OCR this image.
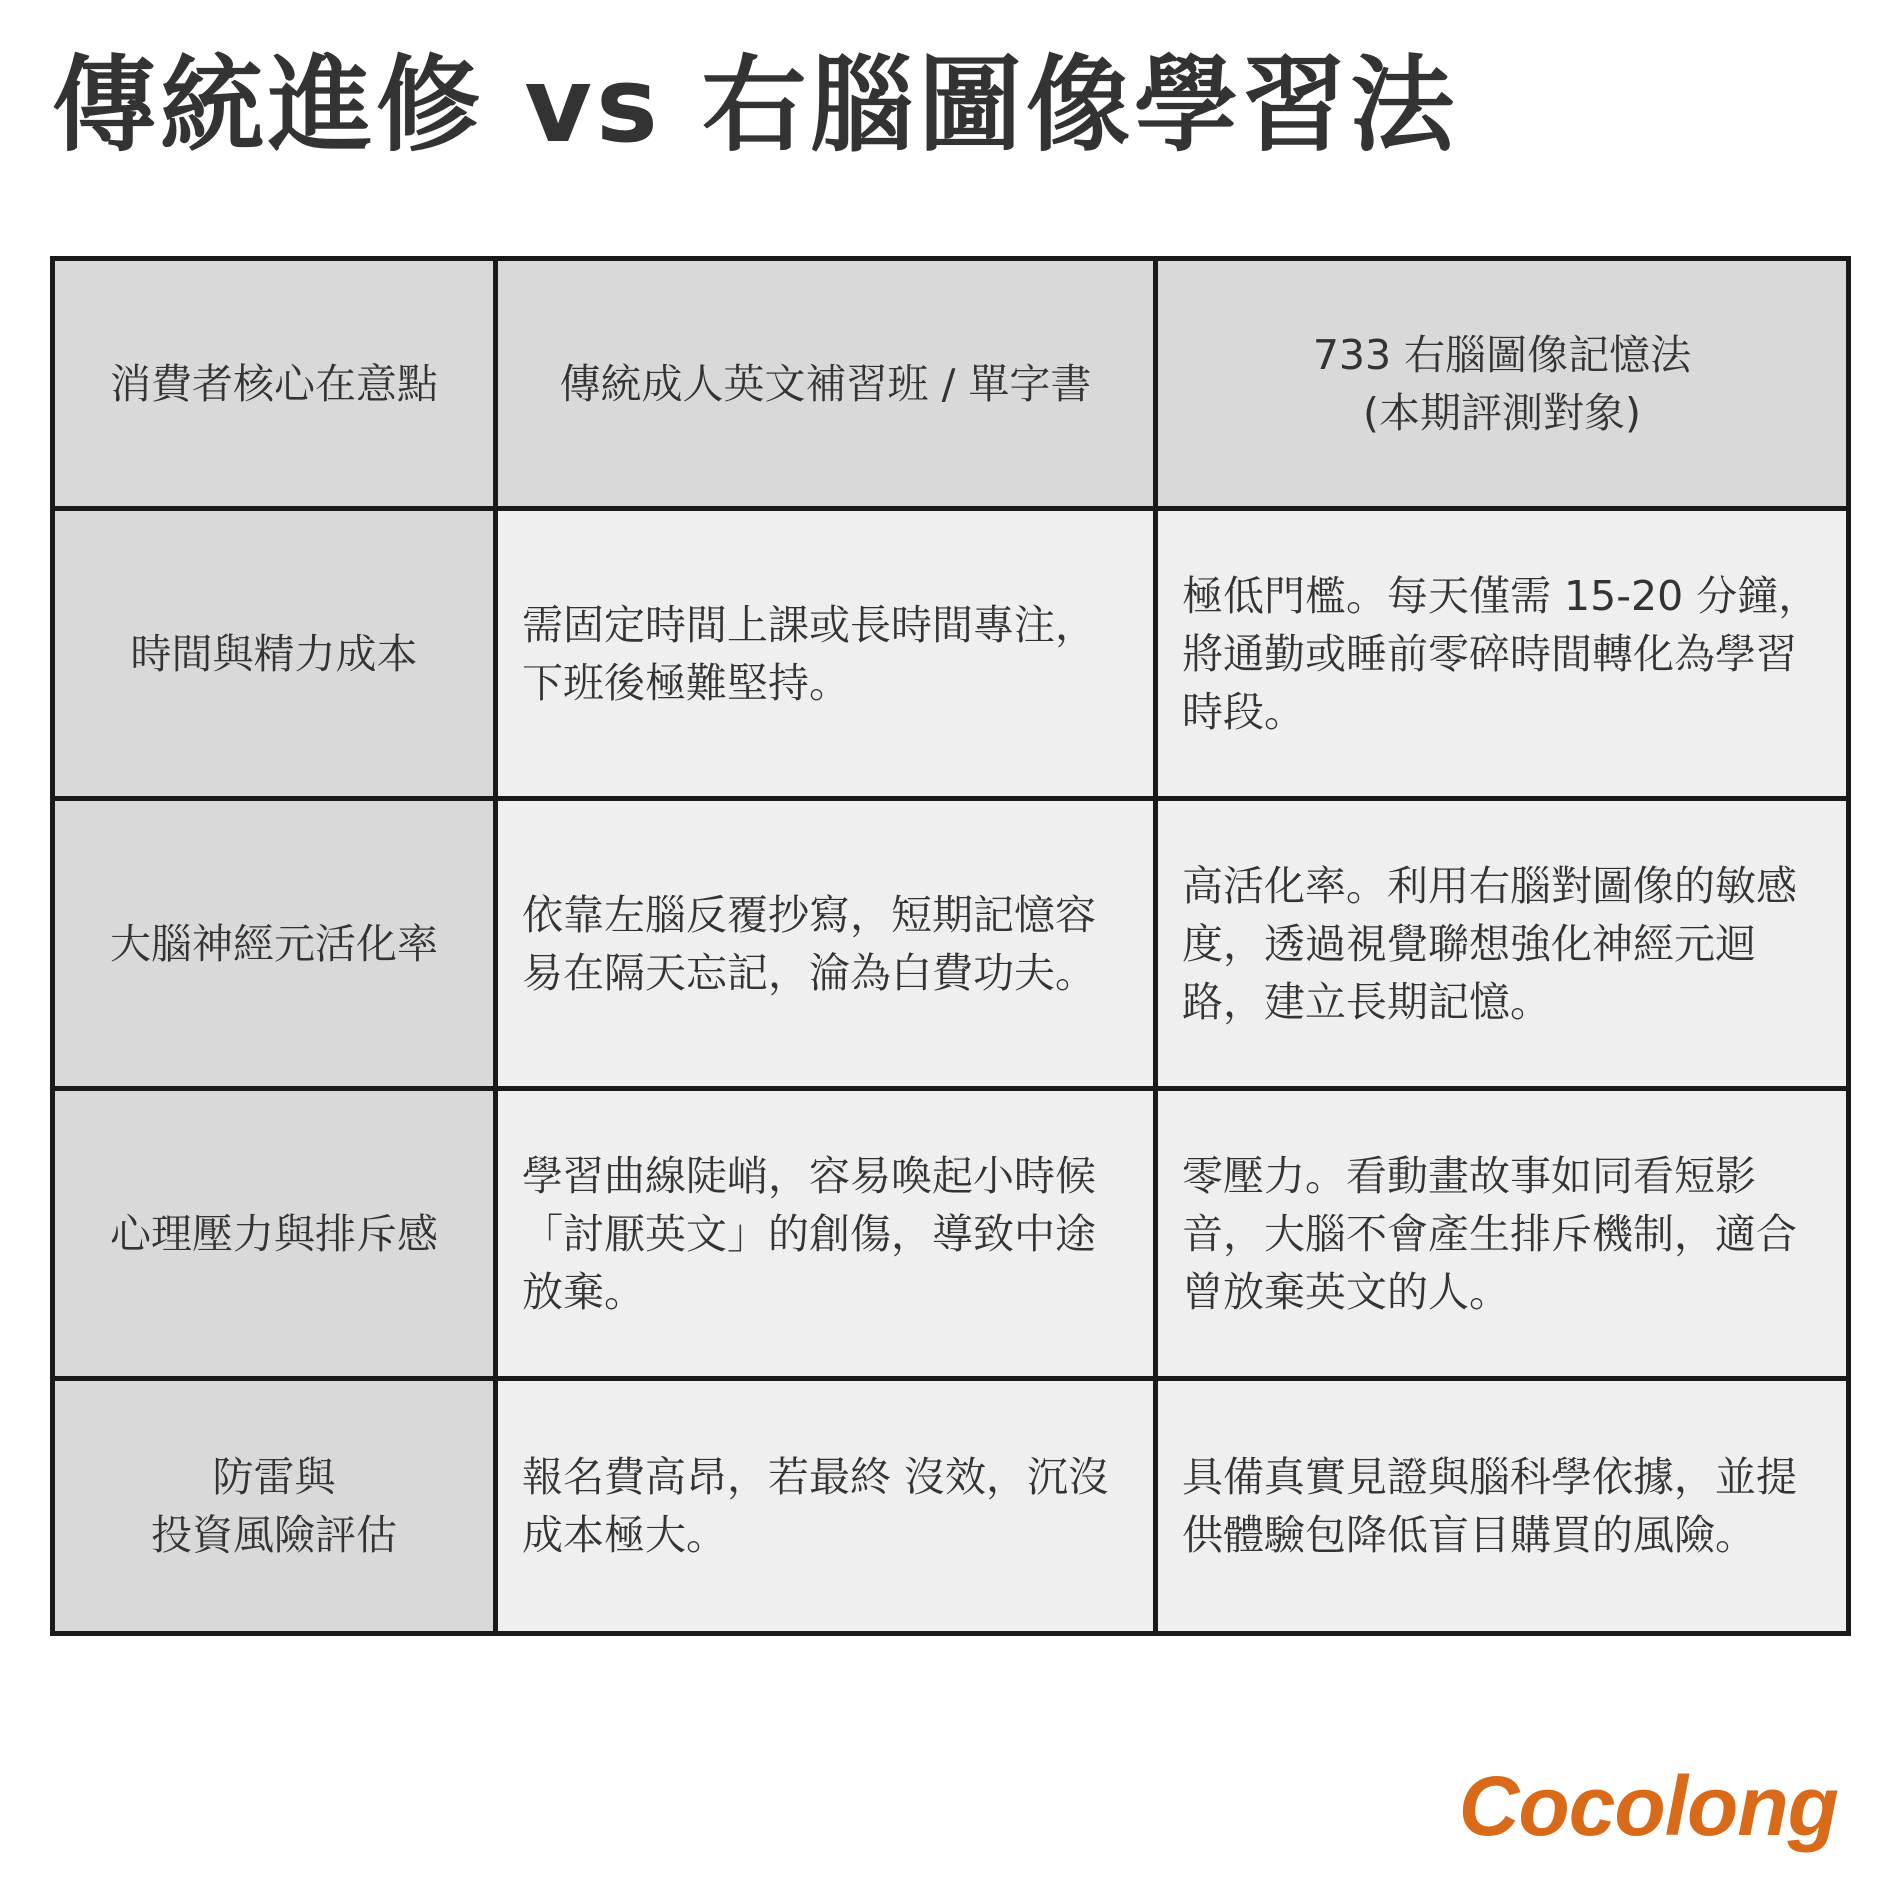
傳統進修 vs 右腦圖像學習法
消費者核心在意點	傳統成人英文補習班 / 單字書	733 右腦圖像記憶法
(本期評測對象)

時間與精力成本	需固定時間上課或長時間專注，下班後極難堅持。	極低門檻。每天僅需 15-20 分鐘，將通勤或睡前零碎時間轉化為學習時段。

大腦神經元活化率	依靠左腦反覆抄寫，短期記憶容易在隔天忘記，淪為白費功夫。	高活化率。利用右腦對圖像的敏感度，透過視覺聯想強化神經元迴路，建立長期記憶。

心理壓力與排斥感	學習曲線陡峭，容易喚起小時候「討厭英文」的創傷，導致中途放棄。	零壓力。看動畫故事如同看短影音，大腦不會產生排斥機制，適合曾放棄英文的人。

防雷與
投資風險評估	報名費高昂，若最終 沒效，沉沒成本極大。	具備真實見證與腦科學依據，並提供體驗包降低盲目購買的風險。
Cocolong
